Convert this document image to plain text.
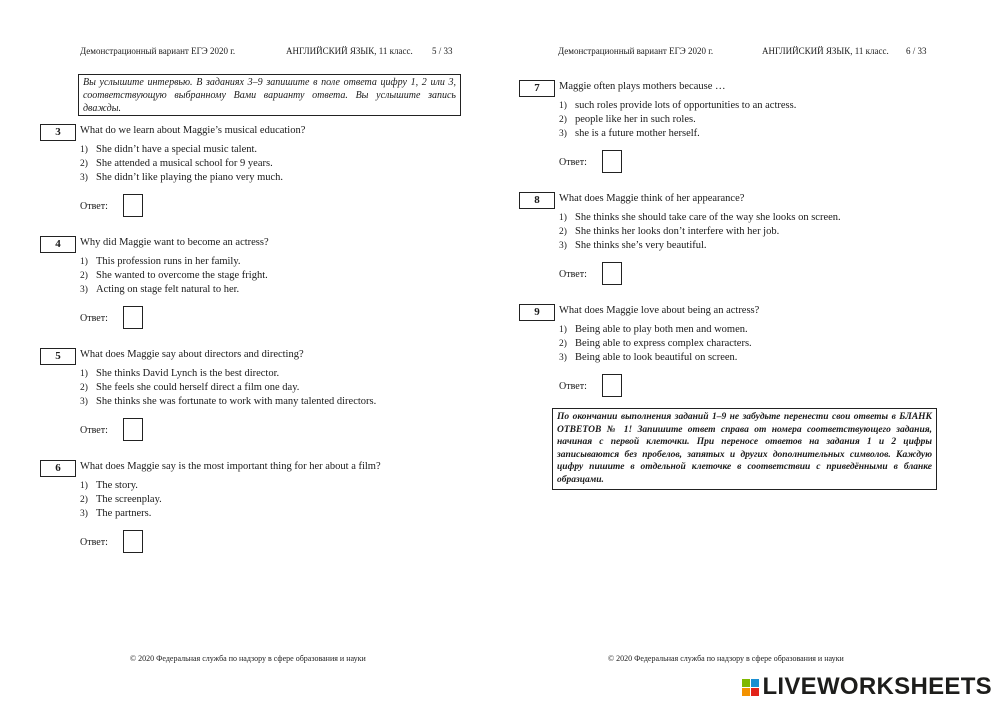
Демонстрационный вариант ЕГЭ 2020 г.	АНГЛИЙСКИЙ ЯЗЫК, 11 класс. 5 / 33
Вы услышите интервью. В заданиях 3–9 запишите в поле ответа цифру 1, 2 или 3, соответствующую выбранному Вами варианту ответа. Вы услышите запись дважды.
3	What do we learn about Maggie’s musical education?
1) She didn’t have a special music talent.
2) She attended a musical school for 9 years.
3) She didn’t like playing the piano very much.
Ответ:
4	Why did Maggie want to become an actress?
1) This profession runs in her family.
2) She wanted to overcome the stage fright.
3) Acting on stage felt natural to her.
Ответ:
5	What does Maggie say about directors and directing?
1) She thinks David Lynch is the best director.
2) She feels she could herself direct a film one day.
3) She thinks she was fortunate to work with many talented directors.
Ответ:
6	What does Maggie say is the most important thing for her about a film?
1) The story.
2) The screenplay.
3) The partners.
Ответ:
© 2020 Федеральная служба по надзору в сфере образования и науки
Демонстрационный вариант ЕГЭ 2020 г.	АНГЛИЙСКИЙ ЯЗЫК, 11 класс. 6 / 33
7	Maggie often plays mothers because …
1) such roles provide lots of opportunities to an actress.
2) people like her in such roles.
3) she is a future mother herself.
Ответ:
8	What does Maggie think of her appearance?
1) She thinks she should take care of the way she looks on screen.
2) She thinks her looks don’t interfere with her job.
3) She thinks she’s very beautiful.
Ответ:
9	What does Maggie love about being an actress?
1) Being able to play both men and women.
2) Being able to express complex characters.
3) Being able to look beautiful on screen.
Ответ:
По окончании выполнения заданий 1–9 не забудьте перенести свои ответы в БЛАНК ОТВЕТОВ № 1! Запишите ответ справа от номера соответствующего задания, начиная с первой клеточки. При переносе ответов на задания 1 и 2 цифры записываются без пробелов, запятых и других дополнительных символов. Каждую цифру пишите в отдельной клеточке в соответствии с приведёнными в бланке образцами.
© 2020 Федеральная служба по надзору в сфере образования и науки
LIVEWORKSHEETS
